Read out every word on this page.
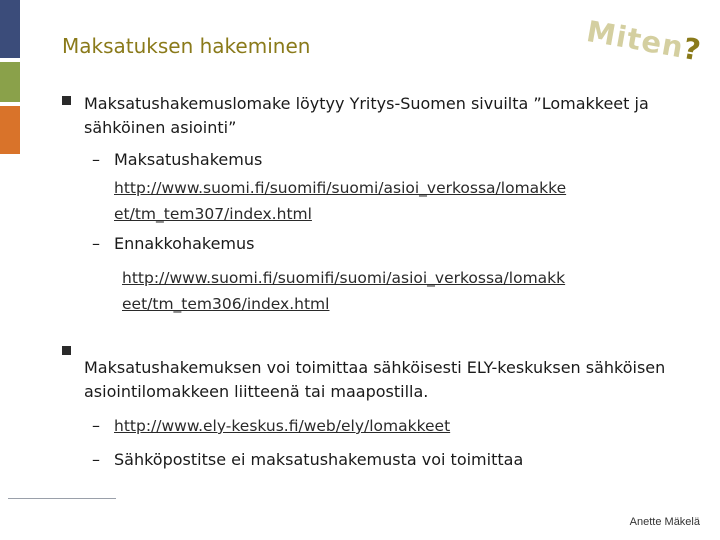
Maksatuksen hakeminen	Miten?
Maksatushakemuslomake löytyy Yritys-Suomen sivuilta ”Lomakkeet ja sähköinen asiointi”
– Maksatushakemus
http://www.suomi.fi/suomifi/suomi/asioi_verkossa/lomakke
et/tm_tem307/index.html
– Ennakkohakemus
http://www.suomi.fi/suomifi/suomi/asioi_verkossa/lomakk
eet/tm_tem306/index.html
Maksatushakemuksen voi toimittaa sähköisesti ELY-keskuksen sähköisen asiointilomakkeen liitteenä tai maapostilla.
– http://www.ely-keskus.fi/web/ely/lomakkeet
– Sähköpostitse ei maksatushakemusta voi toimittaa
Anette Mäkelä
